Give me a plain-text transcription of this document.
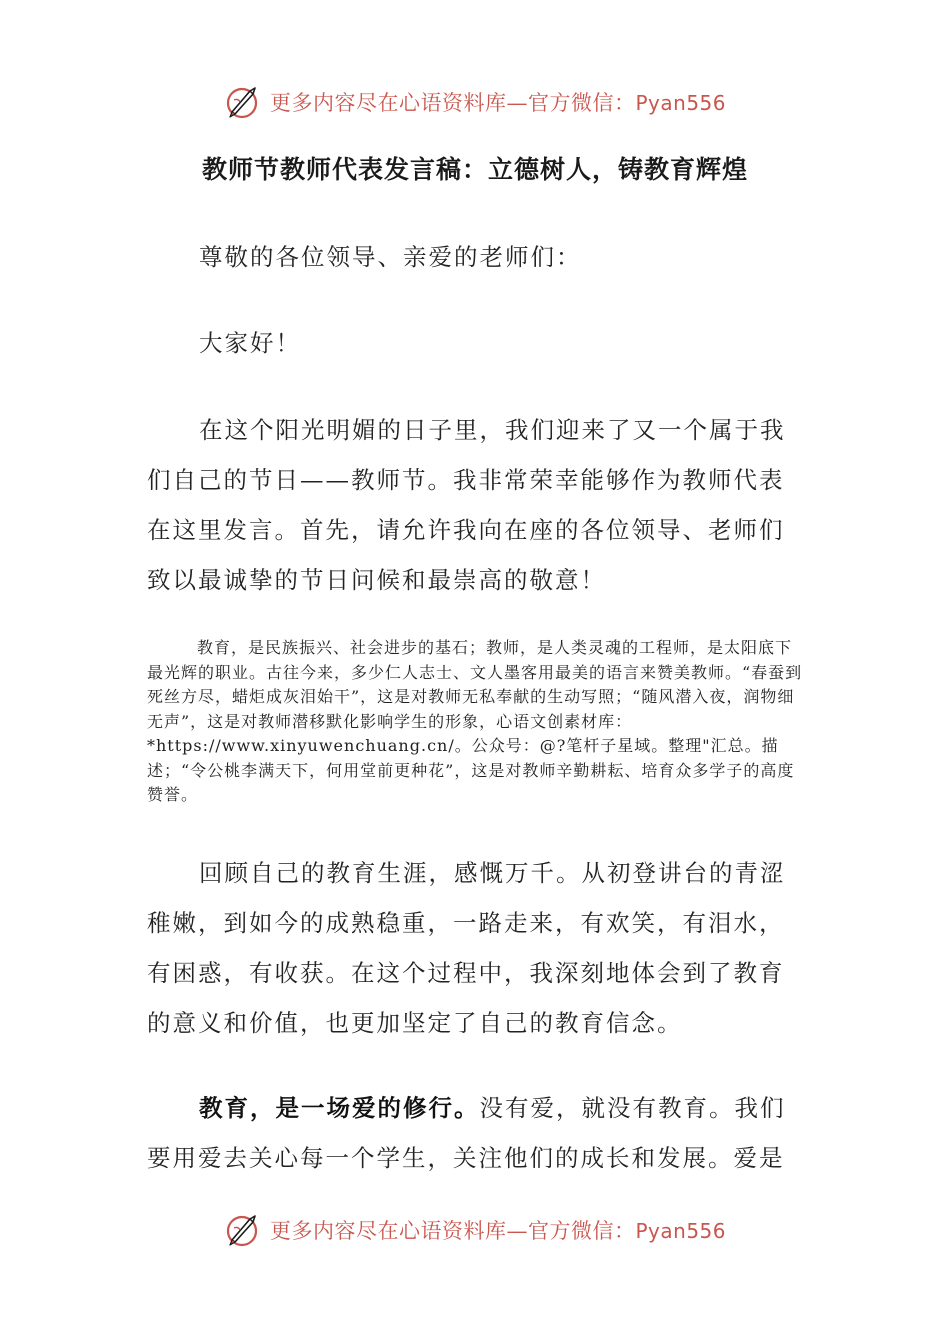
更多内容尽在心语资料库—官方微信：Pyan556
教师节教师代表发言稿：立德树人，铸教育辉煌

尊敬的各位领导、亲爱的老师们：

大家好！

在这个阳光明媚的日子里，我们迎来了又一个属于我们自己的节日——教师节。我非常荣幸能够作为教师代表在这里发言。首先，请允许我向在座的各位领导、老师们致以最诚挚的节日问候和最崇高的敬意！

教育，是民族振兴、社会进步的基石；教师，是人类灵魂的工程师，是太阳底下最光辉的职业。古往今来，多少仁人志士、文人墨客用最美的语言来赞美教师。“春蚕到死丝方尽，蜡炬成灰泪始干”，这是对教师无私奉献的生动写照；“随风潜入夜，润物细无声”，这是对教师潜移默化影响学生的形象，心语文创素材库：*https://www.xinyuwenchuang.cn/。公众号：@?笔杆子星域。整理"汇总。描述；“令公桃李满天下，何用堂前更种花”，这是对教师辛勤耕耘、培育众多学子的高度赞誉。

回顾自己的教育生涯，感慨万千。从初登讲台的青涩稚嫩，到如今的成熟稳重，一路走来，有欢笑，有泪水，有困惑，有收获。在这个过程中，我深刻地体会到了教育的意义和价值，也更加坚定了自己的教育信念。

教育，是一场爱的修行。没有爱，就没有教育。我们要用爱去关心每一个学生，关注他们的成长和发展。爱是

更多内容尽在心语资料库—官方微信：Pyan556
